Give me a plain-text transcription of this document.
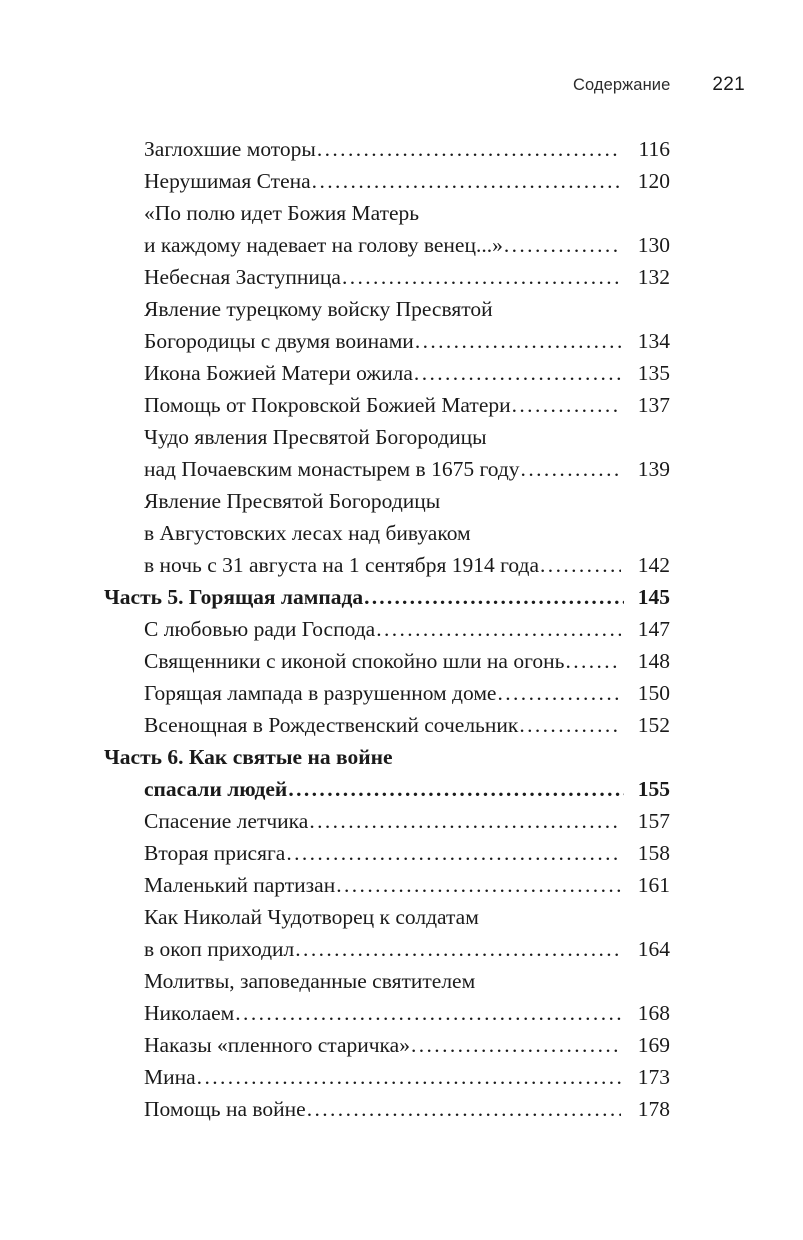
Содержание 221
Заглохшие моторы .....	116
Нерушимая Стена .....	120
«По полю идет Божия Матерь
и каждому надевает на голову венец...» .....	130
Небесная Заступница .....	132
Явление турецкому войску Пресвятой
Богородицы с двумя воинами .....	134
Икона Божией Матери ожила .....	135
Помощь от Покровской Божией Матери .....	137
Чудо явления Пресвятой Богородицы
над Почаевским монастырем в 1675 году .....	139
Явление Пресвятой Богородицы
в Августовских лесах над бивуаком
в ночь с 31 августа на 1 сентября 1914 года .....	142
Часть 5. Горящая лампада .....	145
С любовью ради Господа .....	147
Священники с иконой спокойно шли на огонь .....	148
Горящая лампада в разрушенном доме .....	150
Всенощная в Рождественский сочельник .....	152
Часть 6. Как святые на войне
спасали людей .....	155
Спасение летчика .....	157
Вторая присяга .....	158
Маленький партизан .....	161
Как Николай Чудотворец к солдатам
в окоп приходил .....	164
Молитвы, заповеданные святителем
Николаем .....	168
Наказы «пленного старичка» .....	169
Мина .....	173
Помощь на войне .....	178
